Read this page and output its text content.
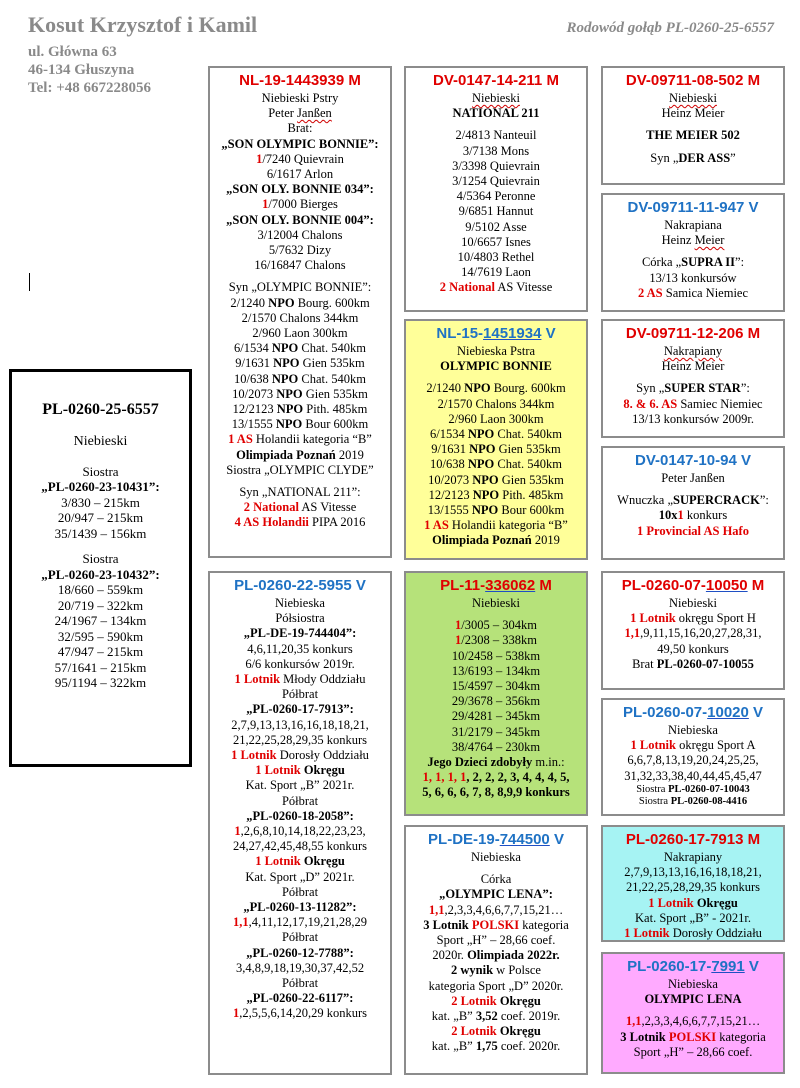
Kosut Krzysztof i Kamil
ul. Główna 63
46-134 Głuszyna
Tel: +48 667228056
Rodowód gołąb PL-0260-25-6557
PL-0260-25-6557
Niebieski
Siostra
„PL-0260-23-10431”:
3/830 – 215km
20/947 – 215km
35/1439 – 156km
Siostra
„PL-0260-23-10432”:
18/660 – 559km
20/719 – 322km
24/1967 – 134km
32/595 – 590km
47/947 – 215km
57/1641 – 215km
95/1194 – 322km
NL-19-1443939 M
Niebieski Pstry
Peter Janßen
Brat:
„SON OLYMPIC BONNIE”:
1/7240 Quievrain
6/1617 Arlon
„SON OLY. BONNIE 034”:
1/7000 Bierges
„SON OLY. BONNIE 004”:
3/12004 Chalons
5/7632 Dizy
16/16847 Chalons
Syn „OLYMPIC BONNIE”:
2/1240 NPO Bourg. 600km
2/1570 Chalons 344km
2/960 Laon 300km
6/1534 NPO Chat. 540km
9/1631 NPO Gien 535km
10/638 NPO Chat. 540km
10/2073 NPO Gien 535km
12/2123 NPO Pith. 485km
13/1555 NPO Bour 600km
1 AS Holandii kategoria “B”
Olimpiada Poznań 2019
Siostra „OLYMPIC CLYDE”
Syn „NATIONAL 211”:
2 National AS Vitesse
4 AS Holandii PIPA 2016
PL-0260-22-5955 V
Niebieska
Półsiostra
„PL-DE-19-744404”:
4,6,11,20,35 konkurs
6/6 konkursów 2019r.
1 Lotnik Młody Oddziału
Półbrat
„PL-0260-17-7913”:
2,7,9,13,13,16,16,18,18,21,
21,22,25,28,29,35 konkurs
1 Lotnik Dorosły Oddziału
1 Lotnik Okręgu
Kat. Sport „B” 2021r.
Półbrat
„PL-0260-18-2058”:
1,2,6,8,10,14,18,22,23,23,
24,27,42,45,48,55 konkurs
1 Lotnik Okręgu
Kat. Sport „D” 2021r.
Półbrat
„PL-0260-13-11282”:
1,1,4,11,12,17,19,21,28,29
Półbrat
„PL-0260-12-7788”:
3,4,8,9,18,19,30,37,42,52
Półbrat
„PL-0260-22-6117”:
1,2,5,5,6,14,20,29 konkurs
DV-0147-14-211 M
Niebieski
NATIONAL 211
2/4813 Nanteuil
3/7138 Mons
3/3398 Quievrain
3/1254 Quievrain
4/5364 Peronne
9/6851 Hannut
9/5102 Asse
10/6657 Isnes
10/4803 Rethel
14/7619 Laon
2 National AS Vitesse
NL-15-1451934 V
Niebieska Pstra
OLYMPIC BONNIE
2/1240 NPO Bourg. 600km
2/1570 Chalons 344km
2/960 Laon 300km
6/1534 NPO Chat. 540km
9/1631 NPO Gien 535km
10/638 NPO Chat. 540km
10/2073 NPO Gien 535km
12/2123 NPO Pith. 485km
13/1555 NPO Bour 600km
1 AS Holandii kategoria “B”
Olimpiada Poznań 2019
PL-11-336062 M
Niebieski
1/3005 – 304km
1/2308 – 338km
10/2458 – 538km
13/6193 – 134km
15/4597 – 304km
29/3678 – 356km
29/4281 – 345km
31/2179 – 345km
38/4764 – 230km
Jego Dzieci zdobyły m.in.:
1, 1, 1, 1, 2, 2, 2, 3, 4, 4, 4, 5,
5, 6, 6, 6, 7, 8, 8,9,9 konkurs
PL-DE-19-744500 V
Niebieska
Córka
„OLYMPIC LENA”:
1,1,2,3,3,4,6,6,7,7,15,21…
3 Lotnik POLSKI kategoria
Sport „H” – 28,66 coef.
2020r. Olimpiada 2022r.
2 wynik w Polsce
kategoria Sport „D” 2020r.
2 Lotnik Okręgu
kat. „B” 3,52 coef. 2019r.
2 Lotnik Okręgu
kat. „B” 1,75 coef. 2020r.
DV-09711-08-502 M
Niebieski
Heinz Meier
THE MEIER 502
Syn „DER ASS”
DV-09711-11-947 V
Nakrapiana
Heinz Meier
Córka „SUPRA II”:
13/13 konkursów
2 AS Samica Niemiec
DV-09711-12-206 M
Nakrapiany
Heinz Meier
Syn „SUPER STAR”:
8. & 6. AS Samiec Niemiec
13/13 konkursów 2009r.
DV-0147-10-94 V
Peter Janßen
Wnuczka „SUPERCRACK”:
10x1 konkurs
1 Provincial AS Hafo
PL-0260-07-10050 M
Niebieski
1 Lotnik okręgu Sport H
1,1,9,11,15,16,20,27,28,31,
49,50 konkurs
Brat PL-0260-07-10055
PL-0260-07-10020 V
Niebieska
1 Lotnik okręgu Sport A
6,6,7,8,13,19,20,24,25,25,
31,32,33,38,40,44,45,45,47
Siostra PL-0260-07-10043
Siostra PL-0260-08-4416
PL-0260-17-7913 M
Nakrapiany
2,7,9,13,13,16,16,18,18,21,
21,22,25,28,29,35 konkurs
1 Lotnik Okręgu
Kat. Sport „B” - 2021r.
1 Lotnik Dorosły Oddziału
PL-0260-17-7991 V
Niebieska
OLYMPIC LENA
1,1,2,3,3,4,6,6,7,7,15,21…
3 Lotnik POLSKI kategoria
Sport „H” – 28,66 coef.
